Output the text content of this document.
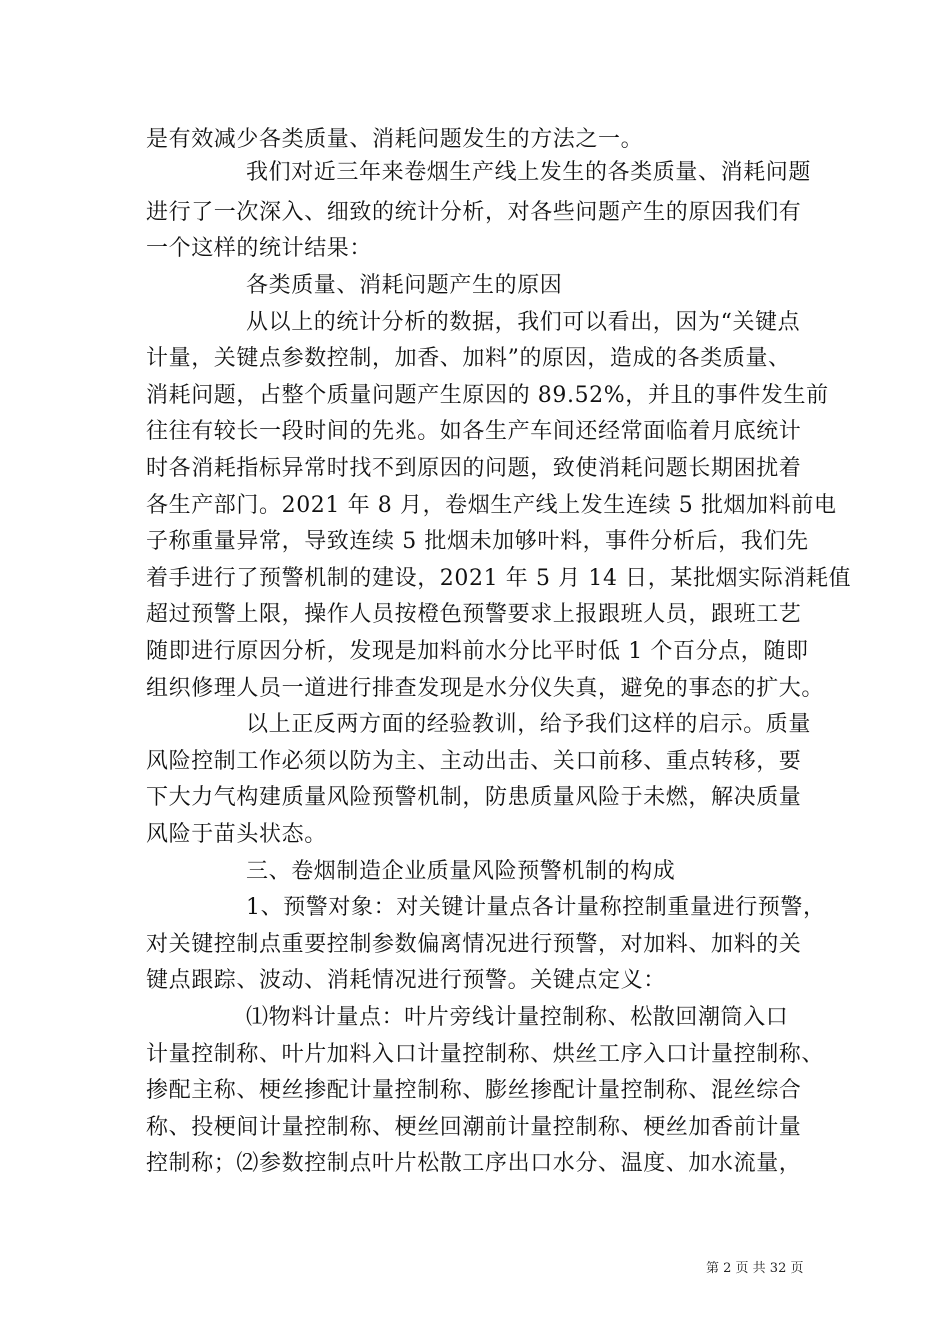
是有效减少各类质量、消耗问题发生的方法之一。
我们对近三年来卷烟生产线上发生的各类质量、消耗问题
进行了一次深入、细致的统计分析，对各些问题产生的原因我们有
一个这样的统计结果：
各类质量、消耗问题产生的原因
从以上的统计分析的数据，我们可以看出，因为“关键点
计量，关键点参数控制，加香、加料”的原因，造成的各类质量、
消耗问题，占整个质量问题产生原因的 89.52%，并且的事件发生前
往往有较长一段时间的先兆。如各生产车间还经常面临着月底统计
时各消耗指标异常时找不到原因的问题，致使消耗问题长期困扰着
各生产部门。2021 年 8 月，卷烟生产线上发生连续 5 批烟加料前电
子称重量异常，导致连续 5 批烟未加够叶料，事件分析后，我们先
着手进行了预警机制的建设，2021 年 5 月 14 日，某批烟实际消耗值
超过预警上限，操作人员按橙色预警要求上报跟班人员，跟班工艺
随即进行原因分析，发现是加料前水分比平时低 1 个百分点，随即
组织修理人员一道进行排查发现是水分仪失真，避免的事态的扩大。
以上正反两方面的经验教训，给予我们这样的启示。质量
风险控制工作必须以防为主、主动出击、关口前移、重点转移，要
下大力气构建质量风险预警机制，防患质量风险于未燃，解决质量
风险于苗头状态。
三、卷烟制造企业质量风险预警机制的构成
1、预警对象：对关键计量点各计量称控制重量进行预警，
对关键控制点重要控制参数偏离情况进行预警，对加料、加料的关
键点跟踪、波动、消耗情况进行预警。关键点定义：
⑴物料计量点：叶片旁线计量控制称、松散回潮筒入口
计量控制称、叶片加料入口计量控制称、烘丝工序入口计量控制称、
掺配主称、梗丝掺配计量控制称、膨丝掺配计量控制称、混丝综合
称、投梗间计量控制称、梗丝回潮前计量控制称、梗丝加香前计量
控制称；⑵参数控制点叶片松散工序出口水分、温度、加水流量，
第 2 页 共 32 页
